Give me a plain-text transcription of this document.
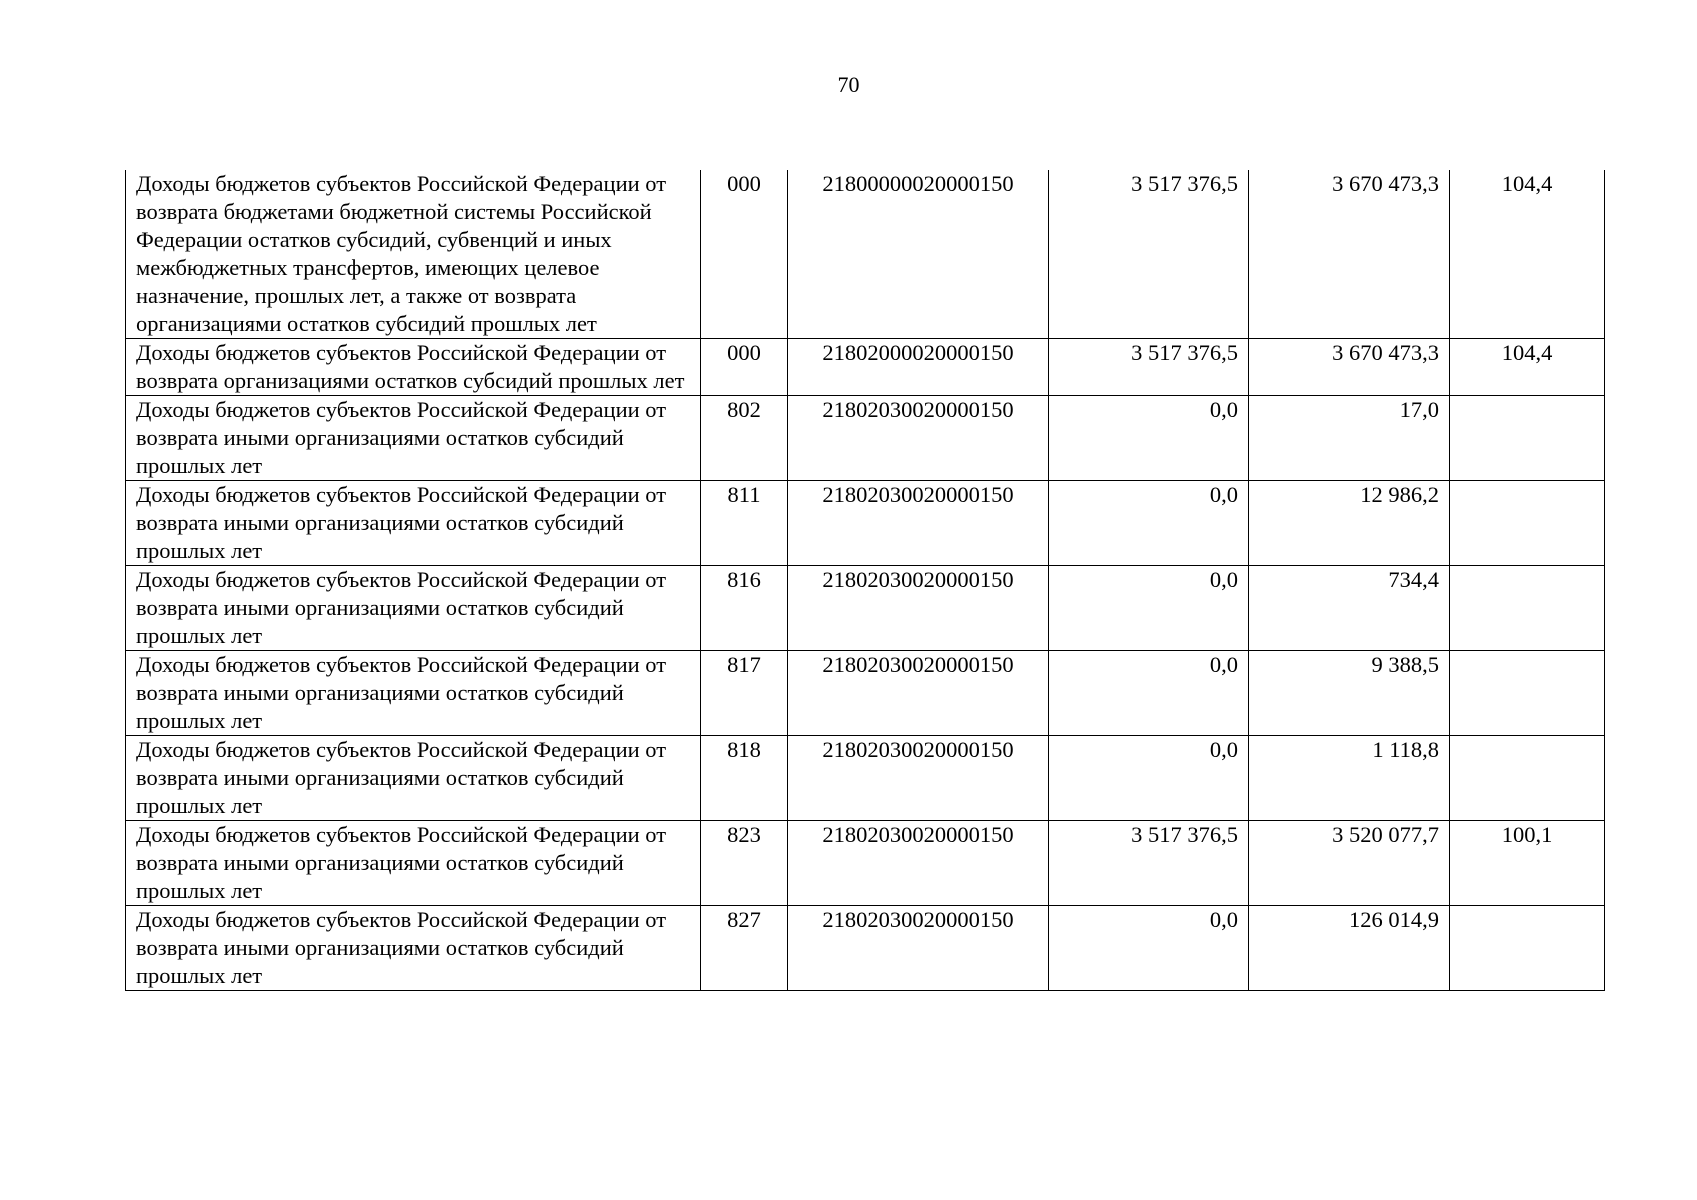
70
Доходы бюджетов субъектов Российской Федерации от возврата бюджетами бюджетной системы Российской Федерации остатков субсидий, субвенций и иных межбюджетных трансфертов, имеющих целевое назначение, прошлых лет, а также от возврата организациями остатков субсидий прошлых лет	000	21800000020000150	3 517 376,5	3 670 473,3	104,4
Доходы бюджетов субъектов Российской Федерации от возврата организациями остатков субсидий прошлых лет	000	21802000020000150	3 517 376,5	3 670 473,3	104,4
Доходы бюджетов субъектов Российской Федерации от возврата иными организациями остатков субсидий прошлых лет	802	21802030020000150	0,0	17,0	
Доходы бюджетов субъектов Российской Федерации от возврата иными организациями остатков субсидий прошлых лет	811	21802030020000150	0,0	12 986,2	
Доходы бюджетов субъектов Российской Федерации от возврата иными организациями остатков субсидий прошлых лет	816	21802030020000150	0,0	734,4	
Доходы бюджетов субъектов Российской Федерации от возврата иными организациями остатков субсидий прошлых лет	817	21802030020000150	0,0	9 388,5	
Доходы бюджетов субъектов Российской Федерации от возврата иными организациями остатков субсидий прошлых лет	818	21802030020000150	0,0	1 118,8	
Доходы бюджетов субъектов Российской Федерации от возврата иными организациями остатков субсидий прошлых лет	823	21802030020000150	3 517 376,5	3 520 077,7	100,1
Доходы бюджетов субъектов Российской Федерации от возврата иными организациями остатков субсидий прошлых лет	827	21802030020000150	0,0	126 014,9	
